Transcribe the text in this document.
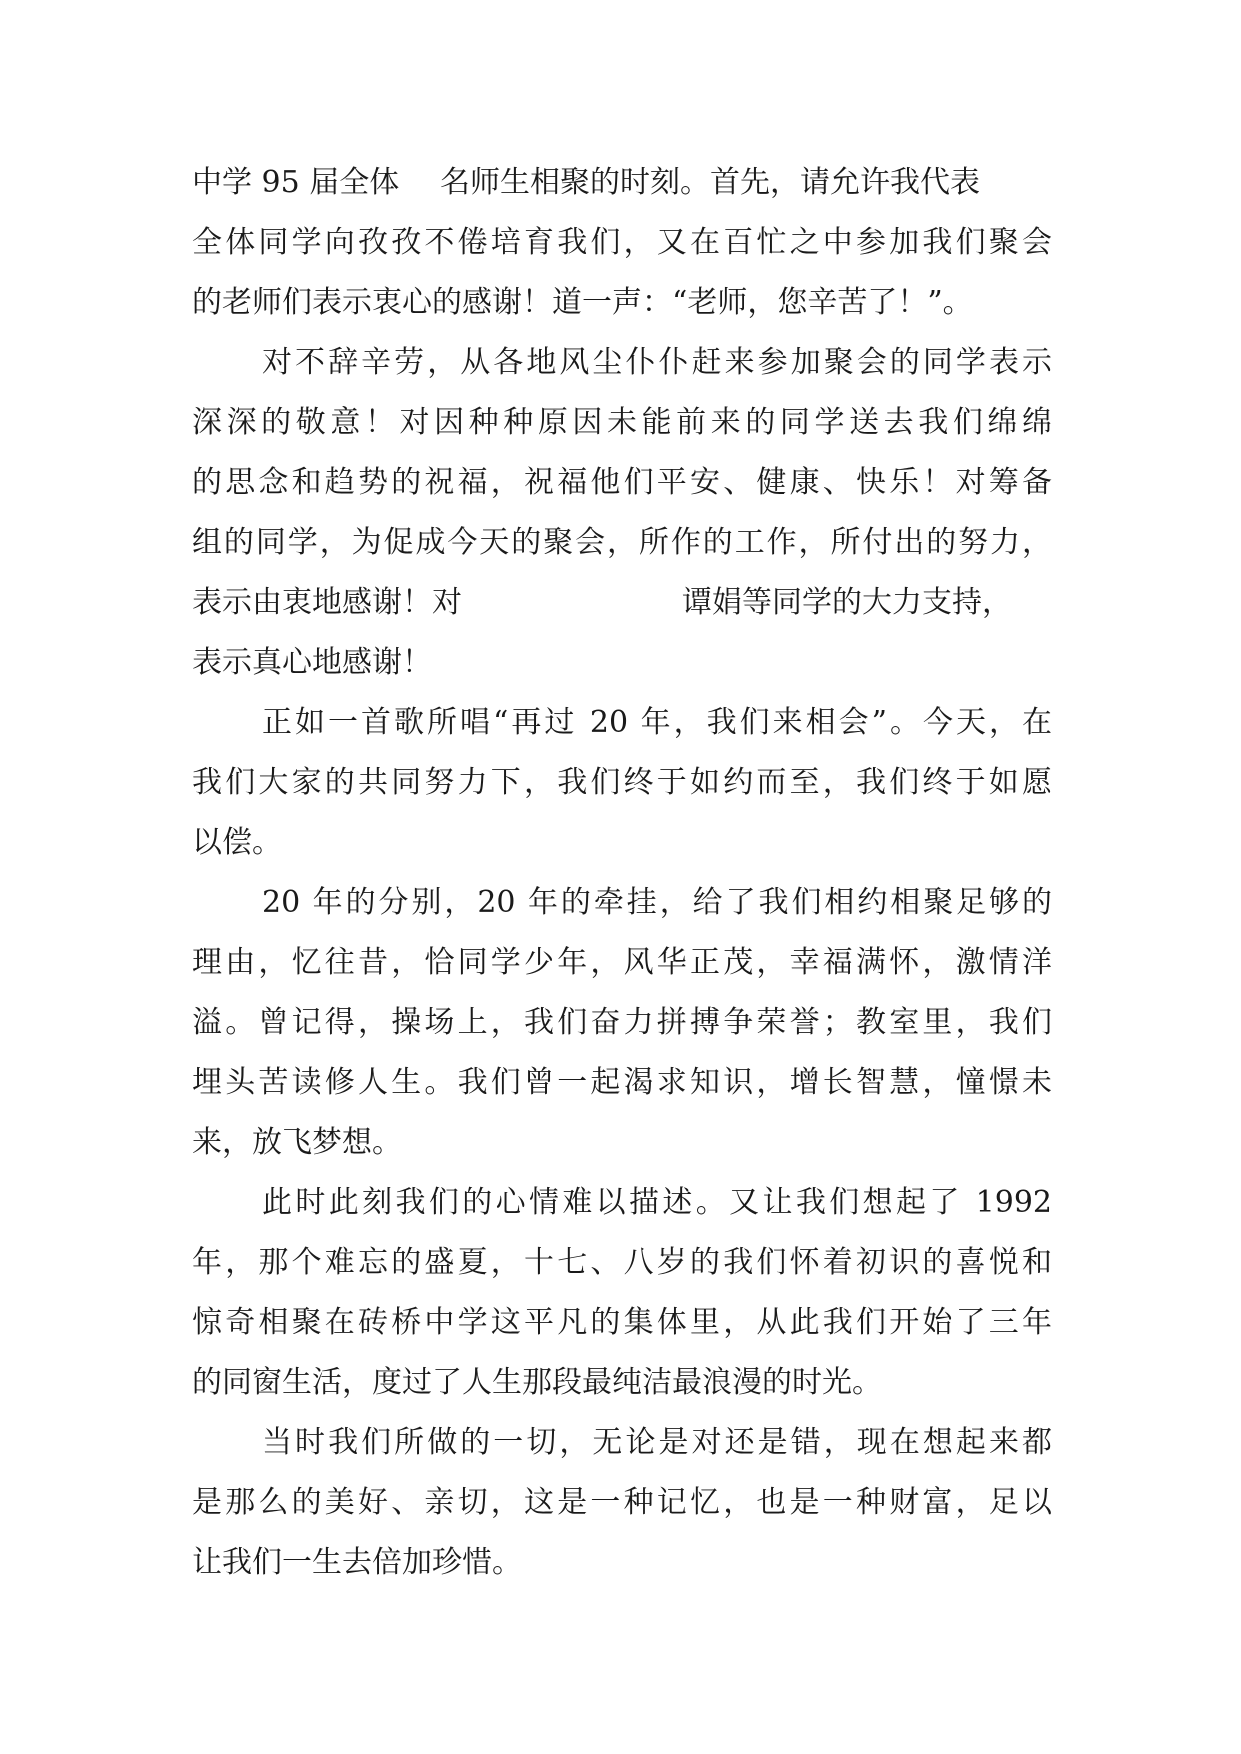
中学 95 届全体 名师生相聚的时刻。首先，请允许我代表
全体同学向孜孜不倦培育我们，又在百忙之中参加我们聚会
的老师们表示衷心的感谢！道一声：“老师，您辛苦了！”。
对不辞辛劳，从各地风尘仆仆赶来参加聚会的同学表示
深深的敬意！对因种种原因未能前来的同学送去我们绵绵
的思念和趋势的祝福，祝福他们平安、健康、快乐！对筹备
组的同学，为促成今天的聚会，所作的工作，所付出的努力，
表示由衷地感谢！对	谭娟等同学的大力支持，
表示真心地感谢！
正如一首歌所唱“再过 20 年，我们来相会”。今天，在
我们大家的共同努力下，我们终于如约而至，我们终于如愿
以偿。
20 年的分别，20 年的牵挂，给了我们相约相聚足够的
理由，忆往昔，恰同学少年，风华正茂，幸福满怀，激情洋
溢。曾记得，操场上，我们奋力拼搏争荣誉；教室里，我们
埋头苦读修人生。我们曾一起渴求知识，增长智慧，憧憬未
来，放飞梦想。
此时此刻我们的心情难以描述。又让我们想起了 1992
年，那个难忘的盛夏，十七、八岁的我们怀着初识的喜悦和
惊奇相聚在砖桥中学这平凡的集体里，从此我们开始了三年
的同窗生活，度过了人生那段最纯洁最浪漫的时光。
当时我们所做的一切，无论是对还是错，现在想起来都
是那么的美好、亲切，这是一种记忆，也是一种财富，足以
让我们一生去倍加珍惜。
